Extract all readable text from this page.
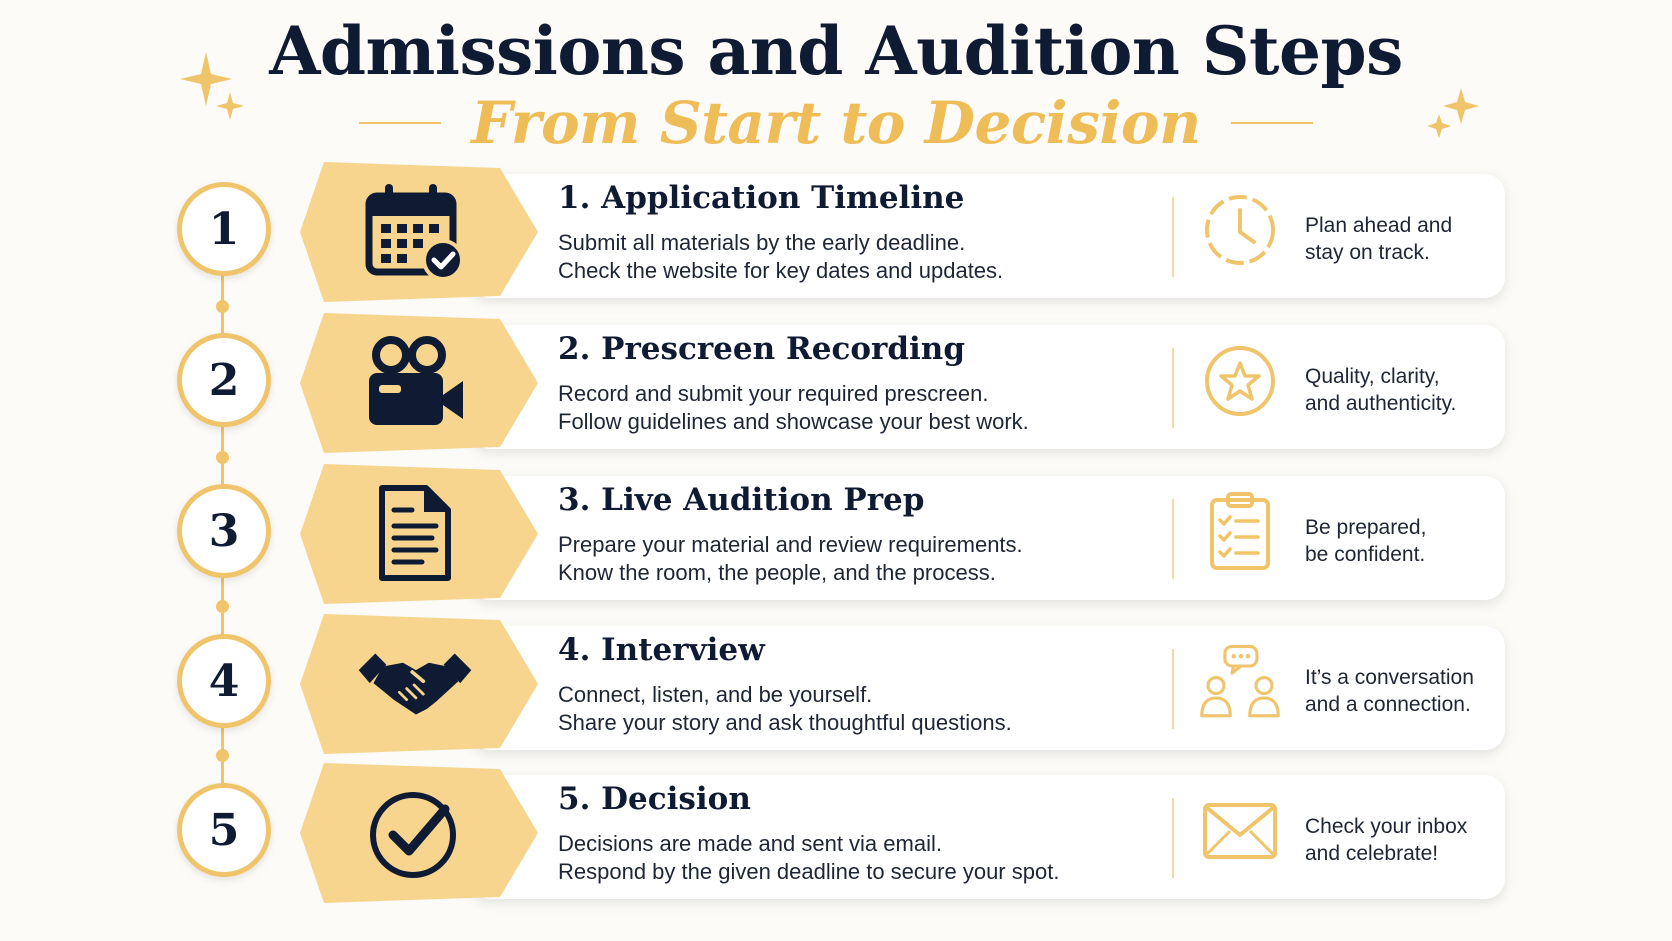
Admissions and Audition Steps
From Start to Decision
1
1. Application Timeline

Submit all materials by the early deadline.

Check the website for key dates and updates.

Plan ahead and
stay on track.

2
2. Prescreen Recording

Record and submit your required prescreen.

Follow guidelines and showcase your best work.

Quality, clarity,
and authenticity.

3
3. Live Audition Prep

Prepare your material and review requirements.

Know the room, the people, and the process.

Be prepared,
be confident.

4
4. Interview

Connect, listen, and be yourself.

Share your story and ask thoughtful questions.

It’s a conversation
and a connection.

5
5. Decision

Decisions are made and sent via email.

Respond by the given deadline to secure your spot.

Check your inbox
and celebrate!
